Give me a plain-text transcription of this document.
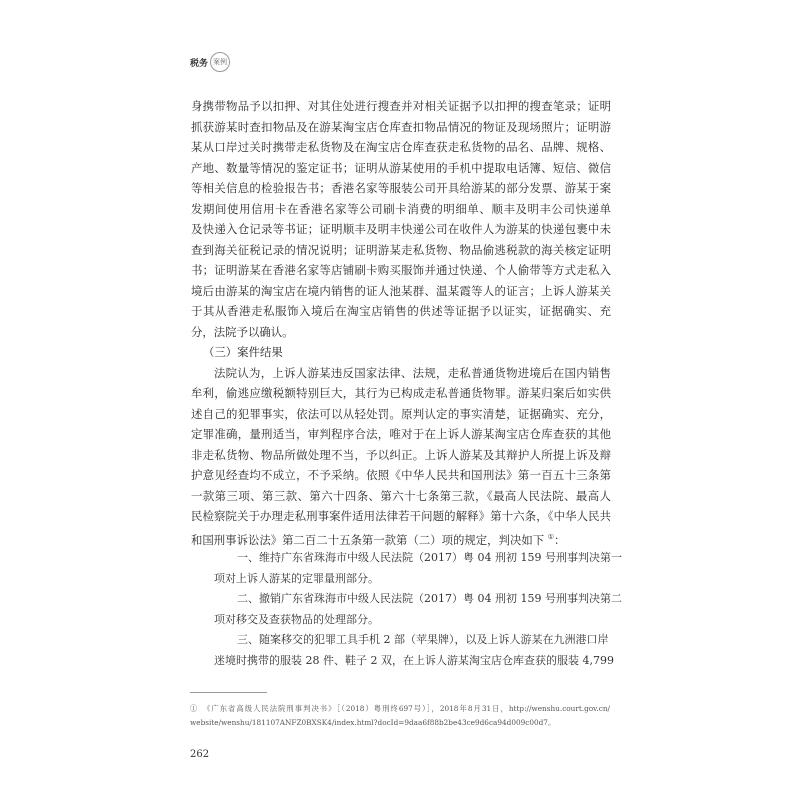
税务 案例
身携带物品予以扣押、对其住处进行搜查并对相关证据予以扣押的搜查笔录；证明
抓获游某时查扣物品及在游某淘宝店仓库查扣物品情况的物证及现场照片；证明游
某从口岸过关时携带走私货物及在淘宝店仓库查获走私货物的品名、品牌、规格、
产地、数量等情况的鉴定证书；证明从游某使用的手机中提取电话簿、短信、微信
等相关信息的检验报告书；香港名家等服装公司开具给游某的部分发票、游某于案
发期间使用信用卡在香港名家等公司刷卡消费的明细单、顺丰及明丰公司快递单
及快递入仓记录等书证；证明顺丰及明丰快递公司在收件人为游某的快递包裹中未
查到海关征税记录的情况说明；证明游某走私货物、物品偷逃税款的海关核定证明
书；证明游某在香港名家等店铺刷卡购买服饰并通过快递、个人偷带等方式走私入
境后由游某的淘宝店在境内销售的证人池某群、温某霞等人的证言；上诉人游某关
于其从香港走私服饰入境后在淘宝店销售的供述等证据予以证实，证据确实、充
分，法院予以确认。
（三）案件结果
法院认为，上诉人游某违反国家法律、法规，走私普通货物进境后在国内销售
牟利，偷逃应缴税额特别巨大，其行为已构成走私普通货物罪。游某归案后如实供
述自己的犯罪事实，依法可以从轻处罚。原判认定的事实清楚，证据确实、充分，
定罪准确，量刑适当，审判程序合法，唯对于在上诉人游某淘宝店仓库查获的其他
非走私货物、物品所做处理不当，予以纠正。上诉人游某及其辩护人所提上诉及辩
护意见经查均不成立，不予采纳。依照《中华人民共和国刑法》第一百五十三条第
一款第三项、第三款、第六十四条、第六十七条第三款，《最高人民法院、最高人
民检察院关于办理走私刑事案件适用法律若干问题的解释》第十六条，《中华人民共
和国刑事诉讼法》第二百二十五条第一款第（二）项的规定，判决如下 ①：
一、维持广东省珠海市中级人民法院（2017）粤 04 刑初 159 号刑事判决第一
项对上诉人游某的定罪量刑部分。
二、撤销广东省珠海市中级人民法院（2017）粤 04 刑初 159 号刑事判决第二
项对移交及查获物品的处理部分。
三、随案移交的犯罪工具手机 2 部（苹果牌），以及上诉人游某在九洲港口岸
迷境时携带的服装 28 件、鞋子 2 双，在上诉人游某淘宝店仓库查获的服装 4,799
①　《广东省高级人民法院刑事判决书》［（2018）粤刑终697号）］，2018年8月31日，http://wenshu.court.gov.cn/
website/wenshu/181107ANFZ0BXSK4/index.html?docId=9daa6f88b2be43ce9d6ca94d009c00d7。
262
